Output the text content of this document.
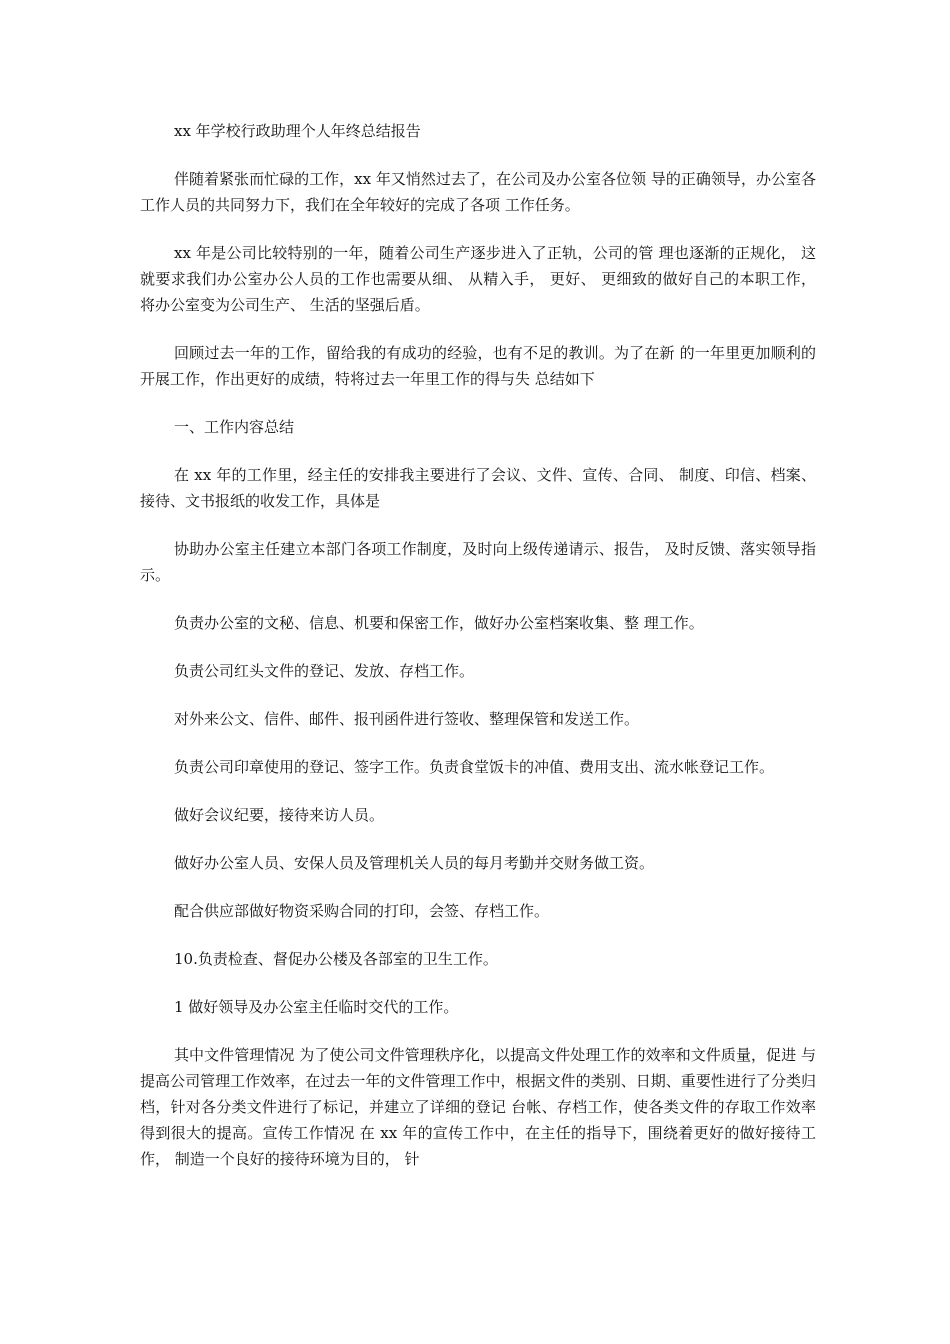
xx 年学校行政助理个人年终总结报告

伴随着紧张而忙碌的工作，xx 年又悄然过去了，在公司及办公室各位领 导的正确领导，办公室各工作人员的共同努力下，我们在全年较好的完成了各项 工作任务。

xx 年是公司比较特别的一年，随着公司生产逐步进入了正轨，公司的管 理也逐渐的正规化， 这就要求我们办公室办公人员的工作也需要从细、 从精入手， 更好、 更细致的做好自己的本职工作， 将办公室变为公司生产、 生活的坚强后盾。

回顾过去一年的工作，留给我的有成功的经验，也有不足的教训。为了在新 的一年里更加顺利的开展工作，作出更好的成绩，特将过去一年里工作的得与失 总结如下

一、工作内容总结

在 xx 年的工作里，经主任的安排我主要进行了会议、文件、宣传、合同、 制度、印信、档案、接待、文书报纸的收发工作，具体是

协助办公室主任建立本部门各项工作制度，及时向上级传递请示、报告， 及时反馈、落实领导指示。

负责办公室的文秘、信息、机要和保密工作，做好办公室档案收集、整 理工作。

负责公司红头文件的登记、发放、存档工作。

对外来公文、信件、邮件、报刊函件进行签收、整理保管和发送工作。

负责公司印章使用的登记、签字工作。负责食堂饭卡的冲值、费用支出、流水帐登记工作。

做好会议纪要，接待来访人员。

做好办公室人员、安保人员及管理机关人员的每月考勤并交财务做工资。

配合供应部做好物资采购合同的打印，会签、存档工作。

10.负责检查、督促办公楼及各部室的卫生工作。

1 做好领导及办公室主任临时交代的工作。

其中文件管理情况 为了使公司文件管理秩序化，以提高文件处理工作的效率和文件质量，促进 与提高公司管理工作效率，在过去一年的文件管理工作中，根据文件的类别、日期、重要性进行了分类归档，针对各分类文件进行了标记，并建立了详细的登记 台帐、存档工作，使各类文件的存取工作效率得到很大的提高。宣传工作情况 在 xx 年的宣传工作中，在主任的指导下，围绕着更好的做好接待工作， 制造一个良好的接待环境为目的， 针
